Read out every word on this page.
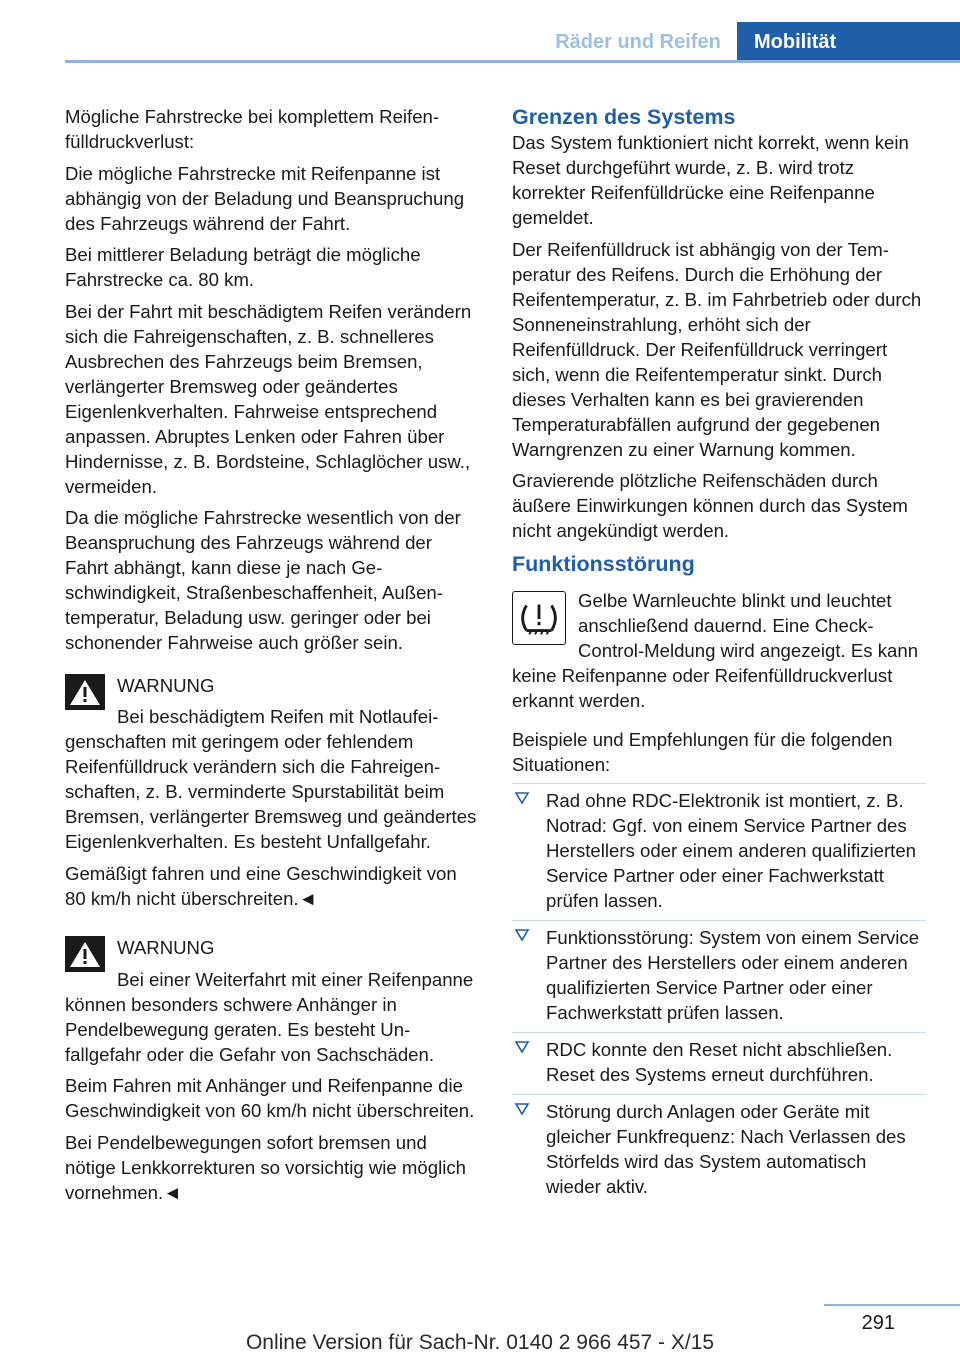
Räder und Reifen	Mobilität

Mögliche Fahrstrecke bei komplettem Reifenfülldruckverlust:

Die mögliche Fahrstrecke mit Reifenpanne ist abhängig von der Beladung und Beanspruchung des Fahrzeugs während der Fahrt.

Bei mittlerer Beladung beträgt die mögliche Fahrstrecke ca. 80 km.

Bei der Fahrt mit beschädigtem Reifen verändern sich die Fahreigenschaften, z. B. schnelleres Ausbrechen des Fahrzeugs beim Bremsen, verlängerter Bremsweg oder geändertes Eigenlenkverhalten. Fahrweise entsprechend anpassen. Abruptes Lenken oder Fahren über Hindernisse, z. B. Bordsteine, Schlaglöcher usw., vermeiden.

Da die mögliche Fahrstrecke wesentlich von der Beanspruchung des Fahrzeugs während der Fahrt abhängt, kann diese je nach Geschwindigkeit, Straßenbeschaffenheit, Außentemperatur, Beladung usw. geringer oder bei schonender Fahrweise auch größer sein.

WARNUNG

Bei beschädigtem Reifen mit Notlaufeigenschaften mit geringem oder fehlendem Reifenfülldruck verändern sich die Fahreigenschaften, z. B. verminderte Spurstabilität beim Bremsen, verlängerter Bremsweg und geändertes Eigenlenkverhalten. Es besteht Unfallgefahr.

Gemäßigt fahren und eine Geschwindigkeit von 80 km/h nicht überschreiten.◄

WARNUNG

Bei einer Weiterfahrt mit einer Reifenpanne können besonders schwere Anhänger in Pendelbewegung geraten. Es besteht Unfallgefahr oder die Gefahr von Sachschäden.

Beim Fahren mit Anhänger und Reifenpanne die Geschwindigkeit von 60 km/h nicht überschreiten.

Bei Pendelbewegungen sofort bremsen und nötige Lenkkorrekturen so vorsichtig wie möglich vornehmen.◄

Grenzen des Systems

Das System funktioniert nicht korrekt, wenn kein Reset durchgeführt wurde, z. B. wird trotz korrekter Reifenfülldrücke eine Reifenpanne gemeldet.

Der Reifenfülldruck ist abhängig von der Temperatur des Reifens. Durch die Erhöhung der Reifentemperatur, z. B. im Fahrbetrieb oder durch Sonneneinstrahlung, erhöht sich der Reifenfülldruck. Der Reifenfülldruck verringert sich, wenn die Reifentemperatur sinkt. Durch dieses Verhalten kann es bei gravierenden Temperaturabfällen aufgrund der gegebenen Warngrenzen zu einer Warnung kommen.

Gravierende plötzliche Reifenschäden durch äußere Einwirkungen können durch das System nicht angekündigt werden.

Funktionsstörung

Gelbe Warnleuchte blinkt und leuchtet anschließend dauernd. Eine Check-Control-Meldung wird angezeigt. Es kann keine Reifenpanne oder Reifenfülldruckverlust erkannt werden.

Beispiele und Empfehlungen für die folgenden Situationen:

Rad ohne RDC-Elektronik ist montiert, z. B. Notrad: Ggf. von einem Service Partner des Herstellers oder einem anderen qualifizierten Service Partner oder einer Fachwerkstatt prüfen lassen.
Funktionsstörung: System von einem Service Partner des Herstellers oder einem anderen qualifizierten Service Partner oder einer Fachwerkstatt prüfen lassen.
RDC konnte den Reset nicht abschließen. Reset des Systems erneut durchführen.
Störung durch Anlagen oder Geräte mit gleicher Funkfrequenz: Nach Verlassen des Störfelds wird das System automatisch wieder aktiv.
291
Online Version für Sach-Nr. 0140 2 966 457 - X/15
